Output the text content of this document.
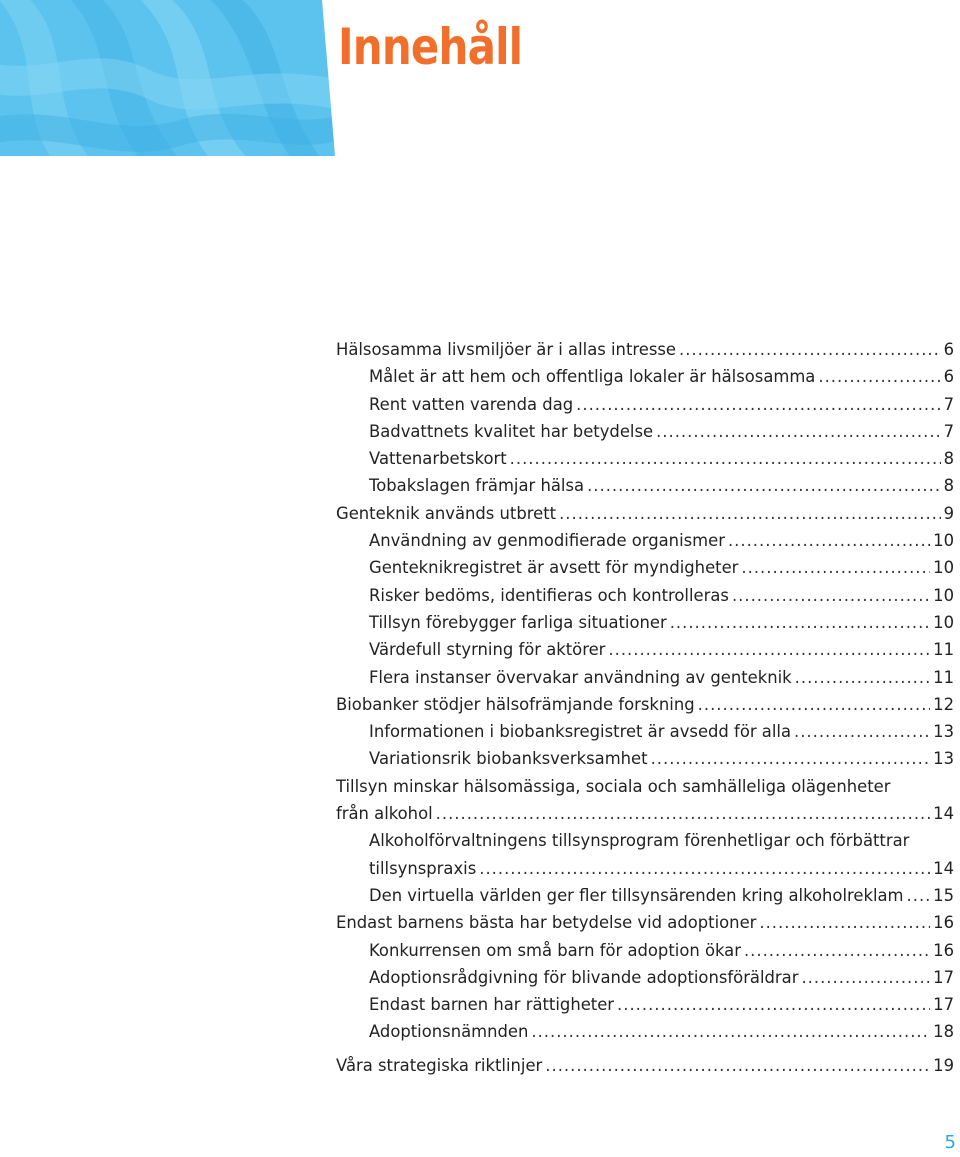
Innehåll
Hälsosamma livsmiljöer är i allas intresse .....	6
Målet är att hem och offentliga lokaler är hälsosamma .....	6
Rent vatten varenda dag .....	7
Badvattnets kvalitet har betydelse .....	7
Vattenarbetskort .....	8
Tobakslagen främjar hälsa .....	8
Genteknik används utbrett .....	9
Användning av genmodifierade organismer .....	10
Genteknikregistret är avsett för myndigheter .....	10
Risker bedöms, identifieras och kontrolleras .....	10
Tillsyn förebygger farliga situationer .....	10
Värdefull styrning för aktörer .....	11
Flera instanser övervakar användning av genteknik .....	11
Biobanker stödjer hälsofrämjande forskning .....	12
Informationen i biobanksregistret är avsedd för alla .....	13
Variationsrik biobanksverksamhet .....	13
Tillsyn minskar hälsomässiga, sociala och samhälleliga olägenheter
från alkohol .....	14
Alkoholförvaltningens tillsynsprogram förenhetligar och förbättrar
tillsynspraxis .....	14
Den virtuella världen ger fler tillsynsärenden kring alkoholreklam ..... 15
Endast barnens bästa har betydelse vid adoptioner .....	16
Konkurrensen om små barn för adoption ökar .....	16
Adoptionsrådgivning för blivande adoptionsföräldrar .....	17
Endast barnen har rättigheter .....	17
Adoptionsnämnden .....	18
Våra strategiska riktlinjer .....	19
5
